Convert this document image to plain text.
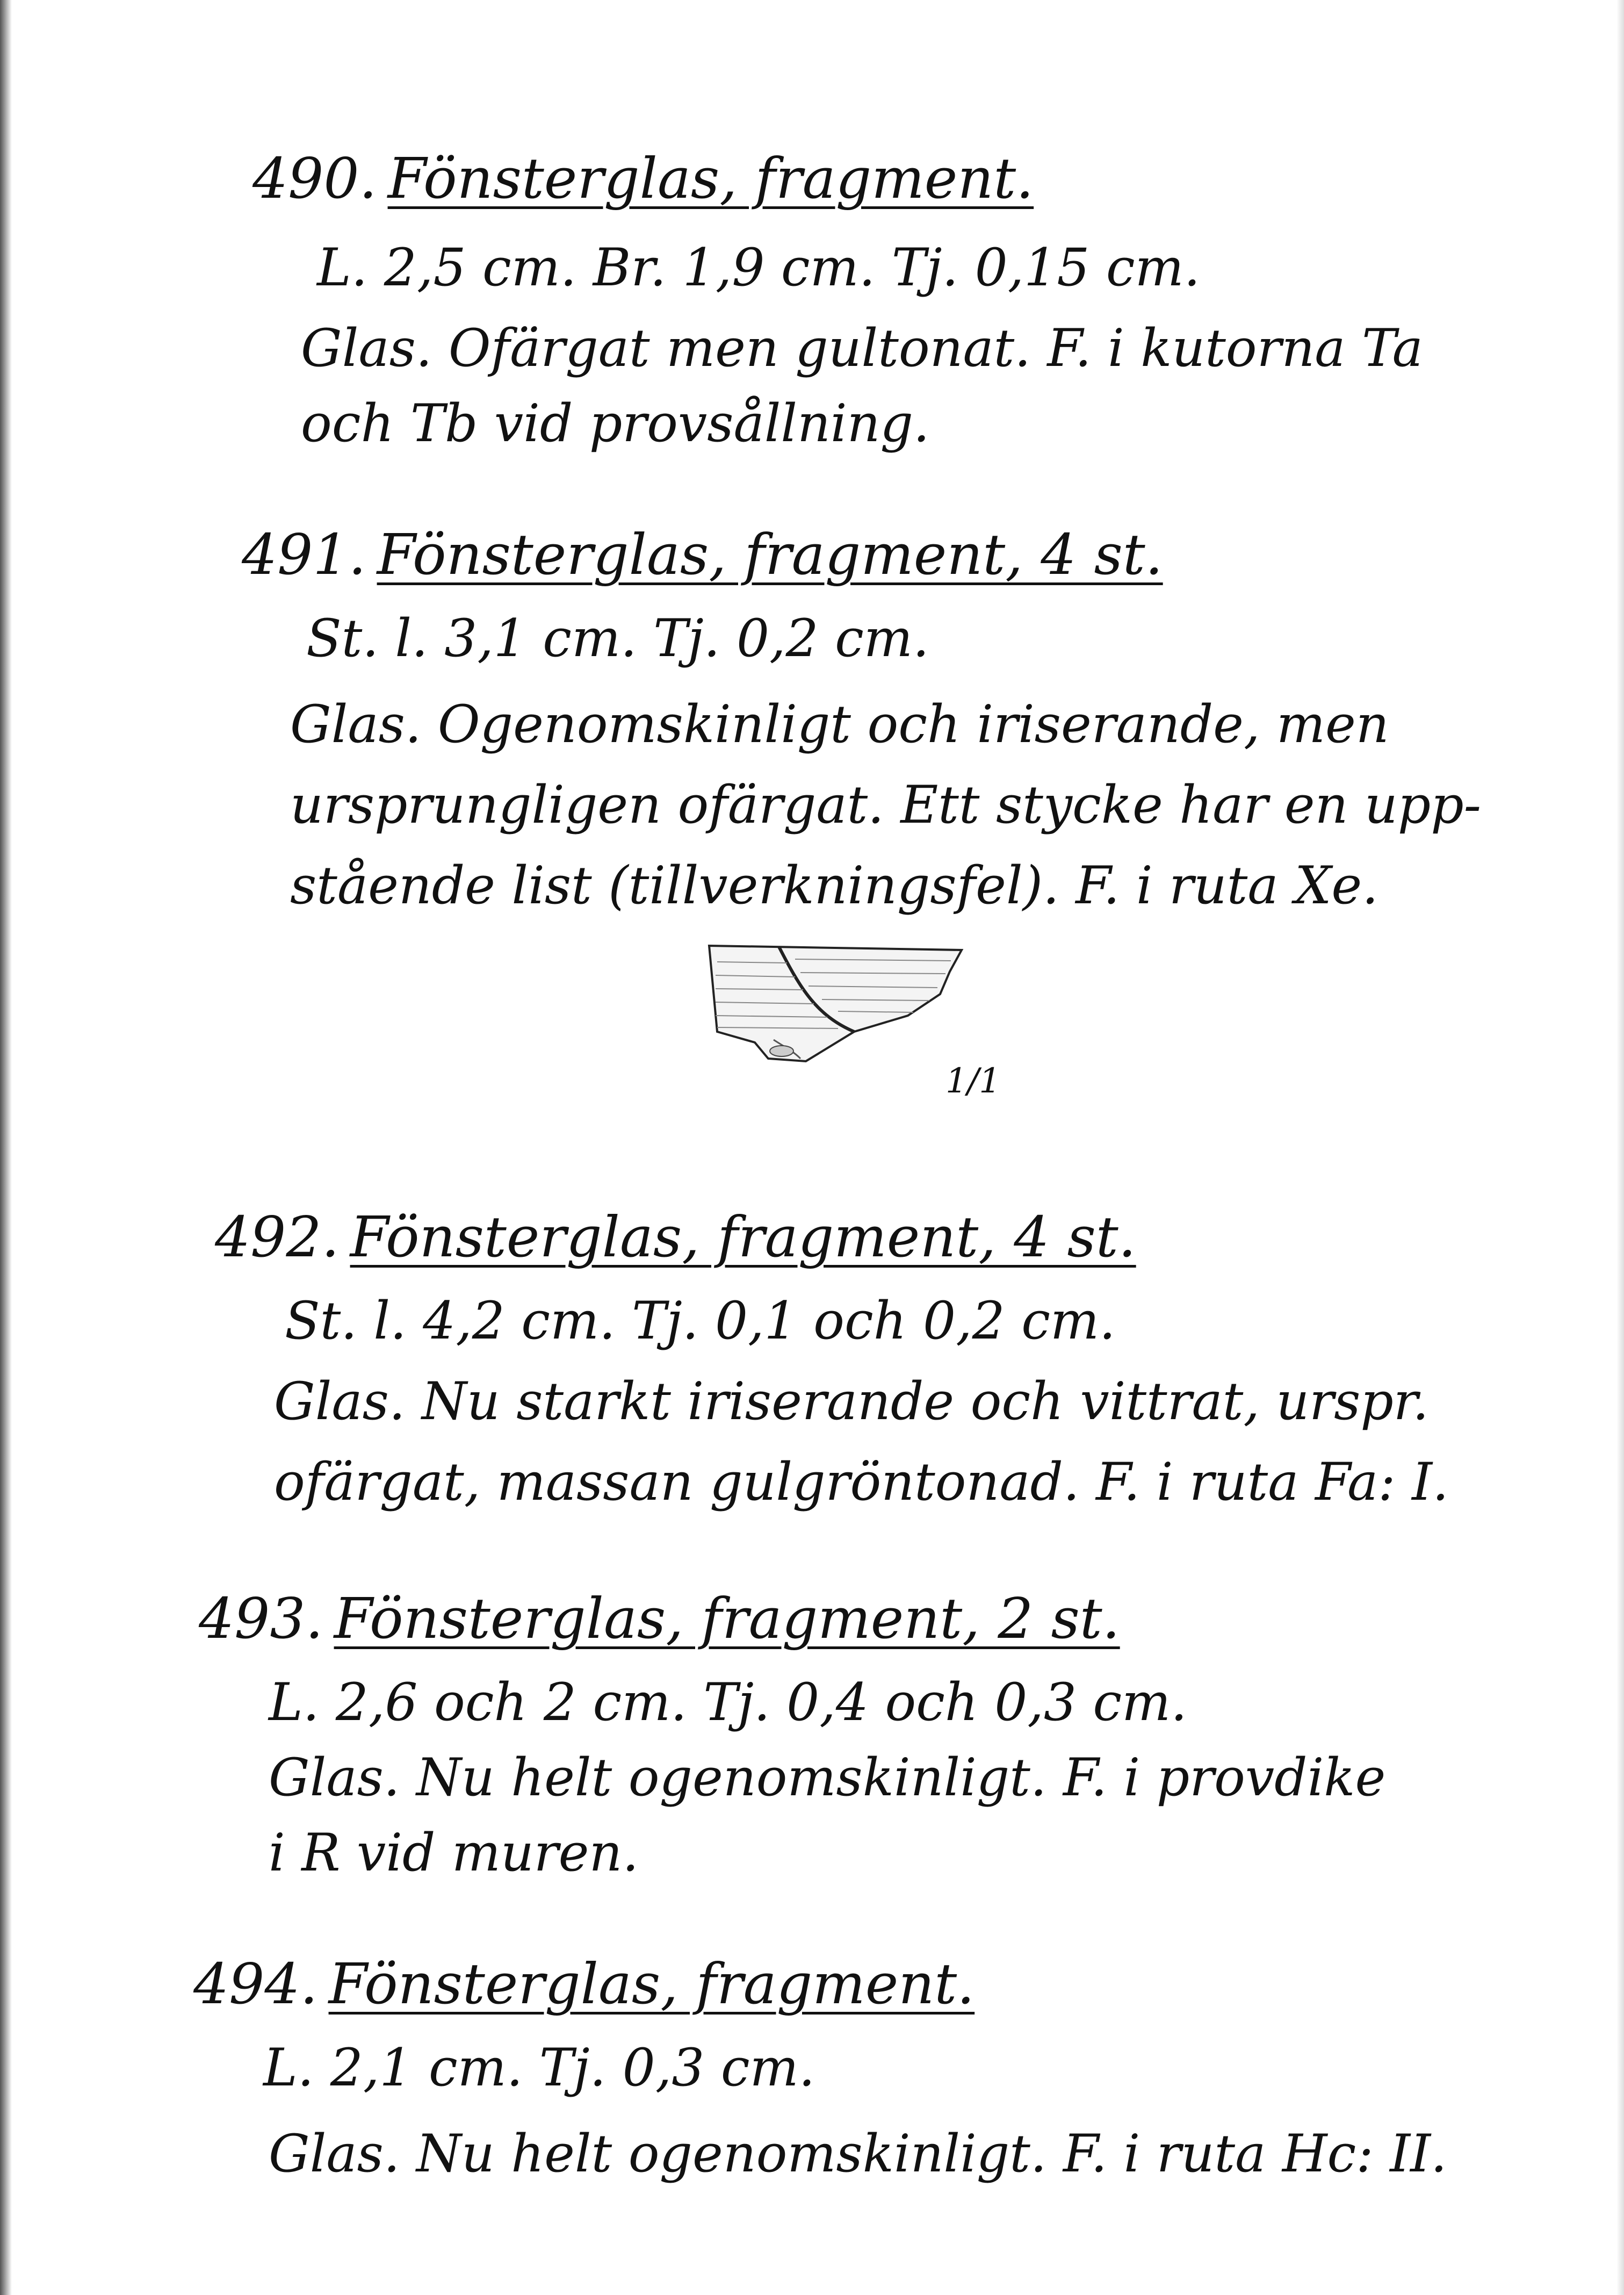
490. Fönsterglas, fragment.
L. 2,5 cm. Br. 1,9 cm. Tj. 0,15 cm.
Glas. Ofärgat men gultonat. F. i kutorna Ta
och Tb vid provsållning.
491. Fönsterglas, fragment, 4 st.
St. l. 3,1 cm. Tj. 0,2 cm.
Glas. Ogenomskinligt och iriserande, men
ursprungligen ofärgat. Ett stycke har en upp-
stående list (tillverkningsfel). F. i ruta Xe.
1/1
492. Fönsterglas, fragment, 4 st.
St. l. 4,2 cm. Tj. 0,1 och 0,2 cm.
Glas. Nu starkt iriserande och vittrat, urspr.
ofärgat, massan gulgröntonad. F. i ruta Fa: I.
493. Fönsterglas, fragment, 2 st.
L. 2,6 och 2 cm. Tj. 0,4 och 0,3 cm.
Glas. Nu helt ogenomskinligt. F. i provdike
i R vid muren.
494. Fönsterglas, fragment.
L. 2,1 cm. Tj. 0,3 cm.
Glas. Nu helt ogenomskinligt. F. i ruta Hc: II.
